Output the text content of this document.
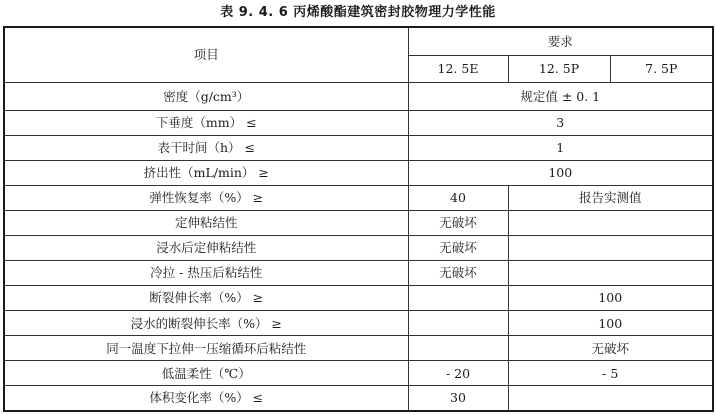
表 9. 4. 6 丙烯酸酯建筑密封胶物理力学性能
项目	要求		
	12. 5E	12. 5P	7. 5P
密度（g/cm³）	规定值 ± 0. 1		
下垂度（mm） ≤	3		
表干时间（h） ≤	1		
挤出性（mL/min） ≥	100		
弹性恢复率（%） ≥	40	报告实测值	
定伸粘结性	无破坏		
浸水后定伸粘结性	无破坏		
冷拉 - 热压后粘结性	无破坏		
断裂伸长率（%） ≥		100	
浸水的断裂伸长率（%） ≥		100	
同一温度下拉伸一压缩循环后粘结性		无破坏	
低温柔性（℃）	- 20	- 5	
体积变化率（%） ≤	30		
